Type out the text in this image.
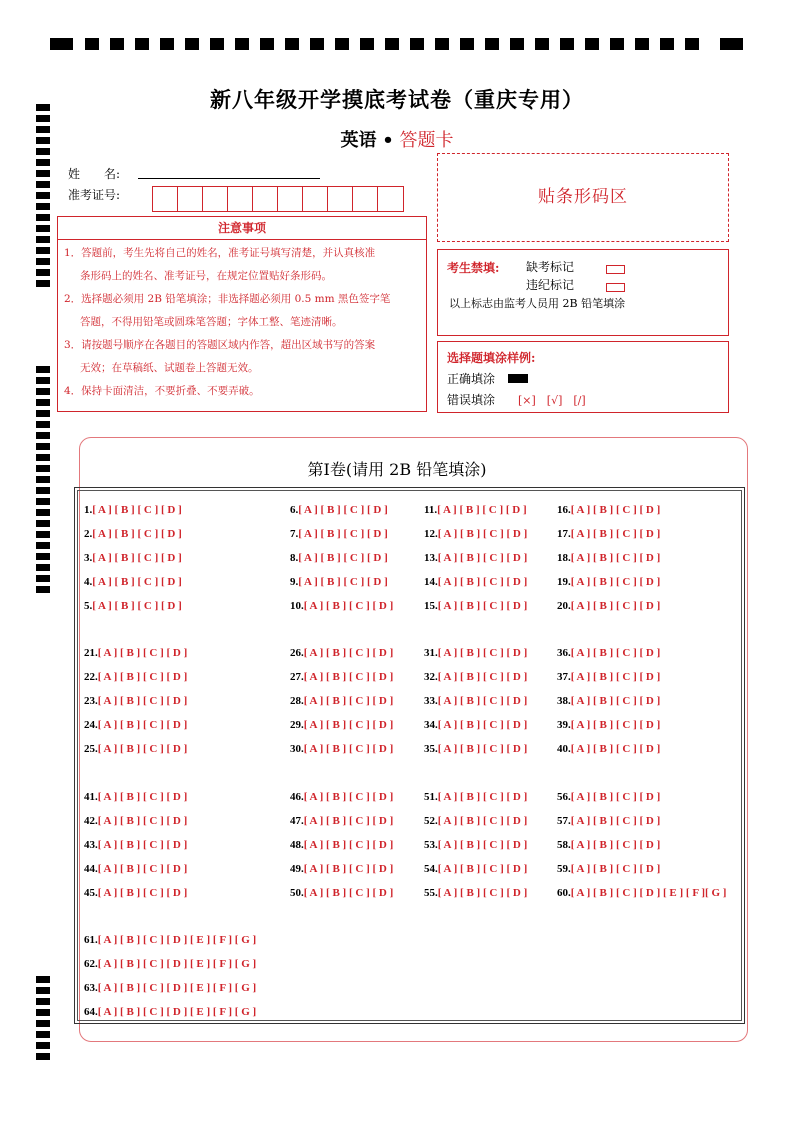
新八年级开学摸底考试卷（重庆专用）
英语 • 答题卡
姓　　名:
准考证号:
注意事项
1．答题前，考生先将自己的姓名，准考证号填写清楚，并认真核准
条形码上的姓名、准考证号，在规定位置贴好条形码。
2．选择题必须用 2B 铅笔填涂；非选择题必须用 0.5 mm 黑色签字笔
答题，不得用铅笔或圆珠笔答题；字体工整、笔迹清晰。
3．请按题号顺序在各题目的答题区域内作答，超出区域书写的答案
无效；在草稿纸、试题卷上答题无效。
4．保持卡面清洁，不要折叠、不要弄破。
贴条形码区
考生禁填: 缺考标记
违纪标记
以上标志由监考人员用 2B 铅笔填涂
选择题填涂样例:
正确填涂
错误填涂 [×]　[√]　[/]
第I卷(请用 2B 铅笔填涂)
1.[ A ] [ B ] [ C ] [ D ]
2.[ A ] [ B ] [ C ] [ D ]
3.[ A ] [ B ] [ C ] [ D ]
4.[ A ] [ B ] [ C ] [ D ]
5.[ A ] [ B ] [ C ] [ D ]
6.[ A ] [ B ] [ C ] [ D ]
7.[ A ] [ B ] [ C ] [ D ]
8.[ A ] [ B ] [ C ] [ D ]
9.[ A ] [ B ] [ C ] [ D ]
10.[ A ] [ B ] [ C ] [ D ]
11.[ A ] [ B ] [ C ] [ D ]
12.[ A ] [ B ] [ C ] [ D ]
13.[ A ] [ B ] [ C ] [ D ]
14.[ A ] [ B ] [ C ] [ D ]
15.[ A ] [ B ] [ C ] [ D ]
16.[ A ] [ B ] [ C ] [ D ]
17.[ A ] [ B ] [ C ] [ D ]
18.[ A ] [ B ] [ C ] [ D ]
19.[ A ] [ B ] [ C ] [ D ]
20.[ A ] [ B ] [ C ] [ D ]
21.[ A ] [ B ] [ C ] [ D ]
22.[ A ] [ B ] [ C ] [ D ]
23.[ A ] [ B ] [ C ] [ D ]
24.[ A ] [ B ] [ C ] [ D ]
25.[ A ] [ B ] [ C ] [ D ]
26.[ A ] [ B ] [ C ] [ D ]
27.[ A ] [ B ] [ C ] [ D ]
28.[ A ] [ B ] [ C ] [ D ]
29.[ A ] [ B ] [ C ] [ D ]
30.[ A ] [ B ] [ C ] [ D ]
31.[ A ] [ B ] [ C ] [ D ]
32.[ A ] [ B ] [ C ] [ D ]
33.[ A ] [ B ] [ C ] [ D ]
34.[ A ] [ B ] [ C ] [ D ]
35.[ A ] [ B ] [ C ] [ D ]
36.[ A ] [ B ] [ C ] [ D ]
37.[ A ] [ B ] [ C ] [ D ]
38.[ A ] [ B ] [ C ] [ D ]
39.[ A ] [ B ] [ C ] [ D ]
40.[ A ] [ B ] [ C ] [ D ]
41.[ A ] [ B ] [ C ] [ D ]
42.[ A ] [ B ] [ C ] [ D ]
43.[ A ] [ B ] [ C ] [ D ]
44.[ A ] [ B ] [ C ] [ D ]
45.[ A ] [ B ] [ C ] [ D ]
46.[ A ] [ B ] [ C ] [ D ]
47.[ A ] [ B ] [ C ] [ D ]
48.[ A ] [ B ] [ C ] [ D ]
49.[ A ] [ B ] [ C ] [ D ]
50.[ A ] [ B ] [ C ] [ D ]
51.[ A ] [ B ] [ C ] [ D ]
52.[ A ] [ B ] [ C ] [ D ]
53.[ A ] [ B ] [ C ] [ D ]
54.[ A ] [ B ] [ C ] [ D ]
55.[ A ] [ B ] [ C ] [ D ]
56.[ A ] [ B ] [ C ] [ D ]
57.[ A ] [ B ] [ C ] [ D ]
58.[ A ] [ B ] [ C ] [ D ]
59.[ A ] [ B ] [ C ] [ D ]
60.[ A ] [ B ] [ C ] [ D ] [ E ] [ F ][ G ]
61.[ A ] [ B ] [ C ] [ D ] [ E ] [ F ] [ G ]
62.[ A ] [ B ] [ C ] [ D ] [ E ] [ F ] [ G ]
63.[ A ] [ B ] [ C ] [ D ] [ E ] [ F ] [ G ]
64.[ A ] [ B ] [ C ] [ D ] [ E ] [ F ] [ G ]
